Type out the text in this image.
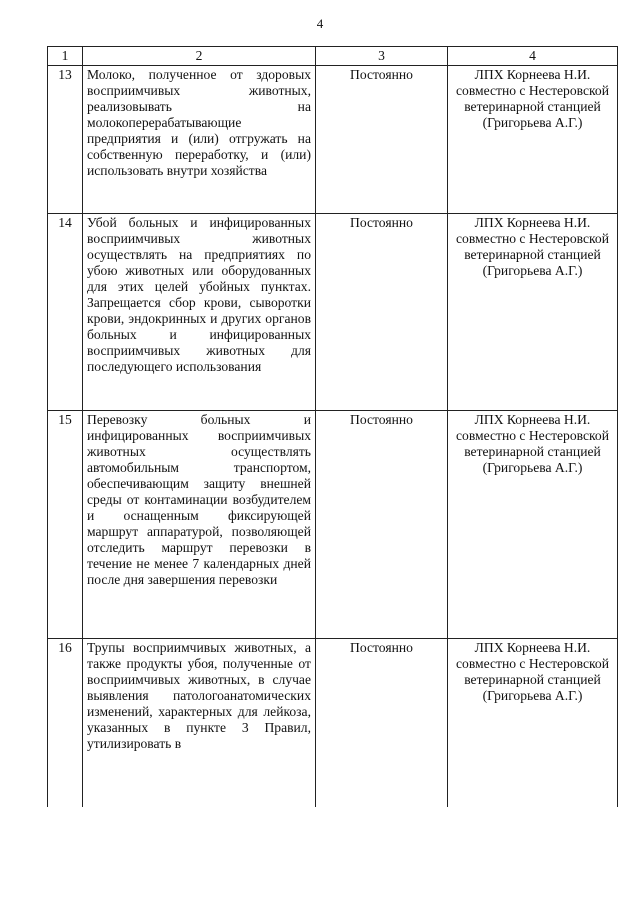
4
1	2	3	4
13	Молоко, полученное от здоровых восприимчивых животных, реализовывать на молокоперерабатывающие предприятия и (или) отгружать на собственную переработку, и (или) использовать внутри хозяйства	Постоянно	ЛПХ Корнеева Н.И. совместно с Нестеровской ветеринарной станцией (Григорьева А.Г.)
14	Убой больных и инфицированных восприимчивых животных осуществлять на предприятиях по убою животных или оборудованных для этих целей убойных пунктах. Запрещается сбор крови, сыворотки крови, эндокринных и других органов больных и инфицированных восприимчивых животных для последующего использования	Постоянно	ЛПХ Корнеева Н.И. совместно с Нестеровской ветеринарной станцией (Григорьева А.Г.)
15	Перевозку больных и инфицированных восприимчивых животных осуществлять автомобильным транспортом, обеспечивающим защиту внешней среды от контаминации возбудителем и оснащенным фиксирующей маршрут аппаратурой, позволяющей отследить маршрут перевозки в течение не менее 7 календарных дней после дня завершения перевозки	Постоянно	ЛПХ Корнеева Н.И. совместно с Нестеровской ветеринарной станцией (Григорьева А.Г.)
16	Трупы восприимчивых животных, а также продукты убоя, полученные от восприимчивых животных, в случае выявления патологоанатомических изменений, характерных для лейкоза, указанных в пункте 3 Правил, утилизировать в	Постоянно	ЛПХ Корнеева Н.И. совместно с Нестеровской ветеринарной станцией (Григорьева А.Г.)
